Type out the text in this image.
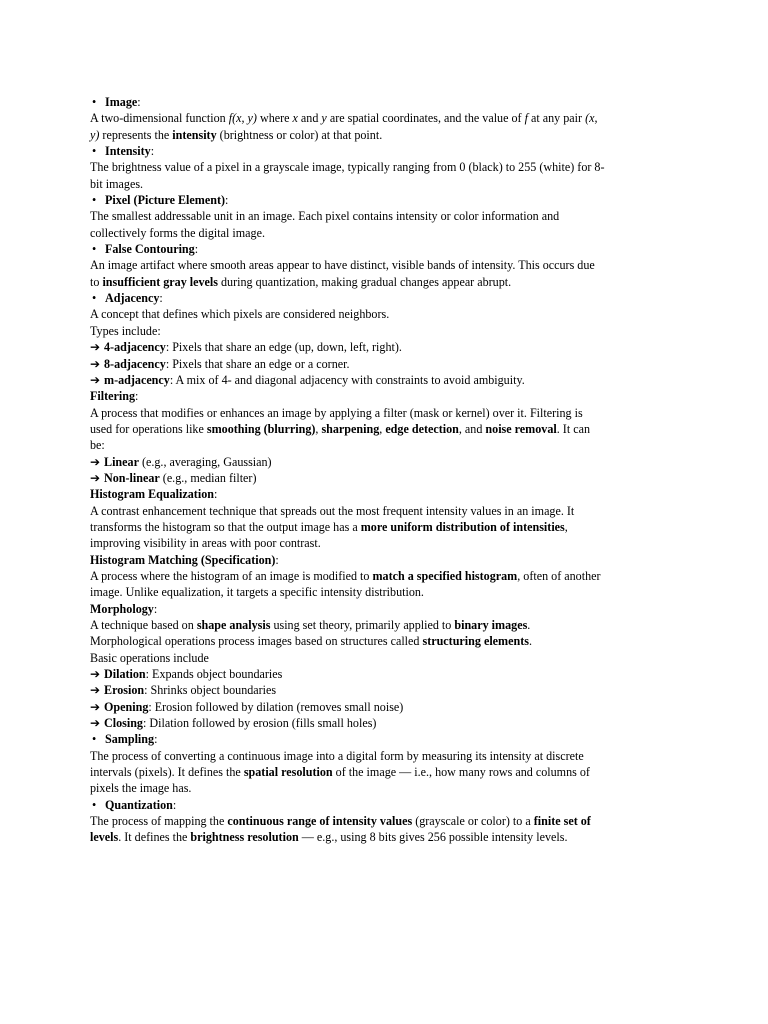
• Image:
A two-dimensional function f(x, y) where x and y are spatial coordinates, and the value of f at any pair (x,
y) represents the intensity (brightness or color) at that point.
• Intensity:
The brightness value of a pixel in a grayscale image, typically ranging from 0 (black) to 255 (white) for 8-
bit images.
• Pixel (Picture Element):
The smallest addressable unit in an image. Each pixel contains intensity or color information and
collectively forms the digital image.
• False Contouring:
An image artifact where smooth areas appear to have distinct, visible bands of intensity. This occurs due
to insufficient gray levels during quantization, making gradual changes appear abrupt.
• Adjacency:
A concept that defines which pixels are considered neighbors.
Types include:
➔ 4-adjacency: Pixels that share an edge (up, down, left, right).
➔ 8-adjacency: Pixels that share an edge or a corner.
➔ m-adjacency: A mix of 4- and diagonal adjacency with constraints to avoid ambiguity.
Filtering:
A process that modifies or enhances an image by applying a filter (mask or kernel) over it. Filtering is
used for operations like smoothing (blurring), sharpening, edge detection, and noise removal. It can
be:
➔ Linear (e.g., averaging, Gaussian)
➔ Non-linear (e.g., median filter)
Histogram Equalization:
A contrast enhancement technique that spreads out the most frequent intensity values in an image. It
transforms the histogram so that the output image has a more uniform distribution of intensities,
improving visibility in areas with poor contrast.
Histogram Matching (Specification):
A process where the histogram of an image is modified to match a specified histogram, often of another
image. Unlike equalization, it targets a specific intensity distribution.
Morphology:
A technique based on shape analysis using set theory, primarily applied to binary images.
Morphological operations process images based on structures called structuring elements.
Basic operations include
➔ Dilation: Expands object boundaries
➔ Erosion: Shrinks object boundaries
➔ Opening: Erosion followed by dilation (removes small noise)
➔ Closing: Dilation followed by erosion (fills small holes)
• Sampling:
The process of converting a continuous image into a digital form by measuring its intensity at discrete
intervals (pixels). It defines the spatial resolution of the image — i.e., how many rows and columns of
pixels the image has.
• Quantization:
The process of mapping the continuous range of intensity values (grayscale or color) to a finite set of
levels. It defines the brightness resolution — e.g., using 8 bits gives 256 possible intensity levels.
